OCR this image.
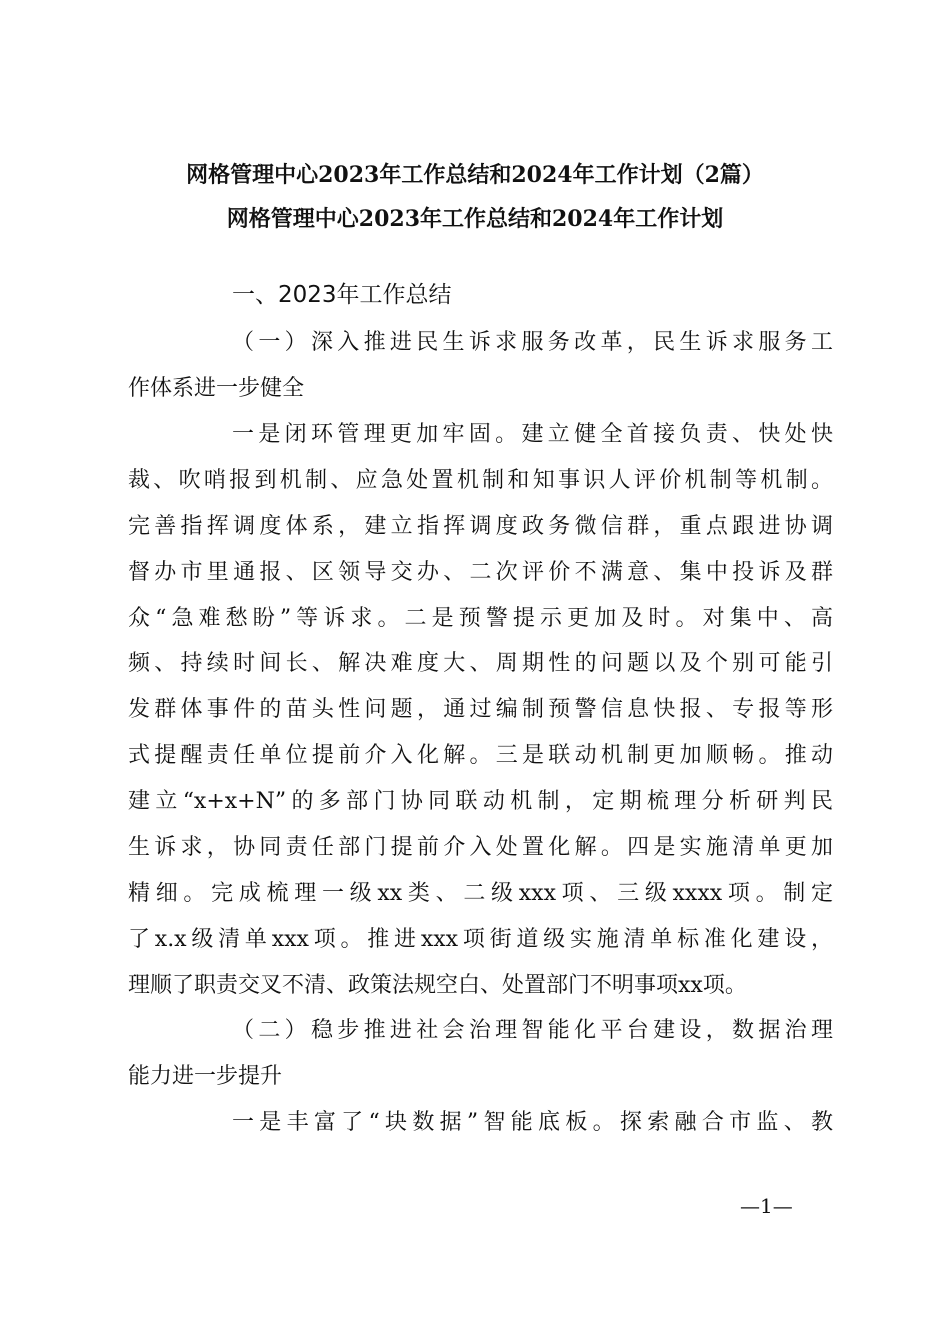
网格管理中心2023年工作总结和2024年工作计划（2篇）
网格管理中心2023年工作总结和2024年工作计划
一、2023年工作总结
（一）深入推进民生诉求服务改革，民生诉求服务工
作体系进一步健全
一是闭环管理更加牢固。建立健全首接负责、快处快
裁、吹哨报到机制、应急处置机制和知事识人评价机制等机制。
完善指挥调度体系，建立指挥调度政务微信群，重点跟进协调
督办市里通报、区领导交办、二次评价不满意、集中投诉及群
众“急难愁盼”等诉求。二是预警提示更加及时。对集中、高
频、持续时间长、解决难度大、周期性的问题以及个别可能引
发群体事件的苗头性问题，通过编制预警信息快报、专报等形
式提醒责任单位提前介入化解。三是联动机制更加顺畅。推动
建立“x+x+N”的多部门协同联动机制，定期梳理分析研判民
生诉求，协同责任部门提前介入处置化解。四是实施清单更加
精细。完成梳理一级xx类、二级xxx项、三级xxxx项。制定
了x.x级清单xxx项。推进xxx项街道级实施清单标准化建设，
理顺了职责交叉不清、政策法规空白、处置部门不明事项xx项。
（二）稳步推进社会治理智能化平台建设，数据治理
能力进一步提升
一是丰富了“块数据”智能底板。探索融合市监、教
—1—
